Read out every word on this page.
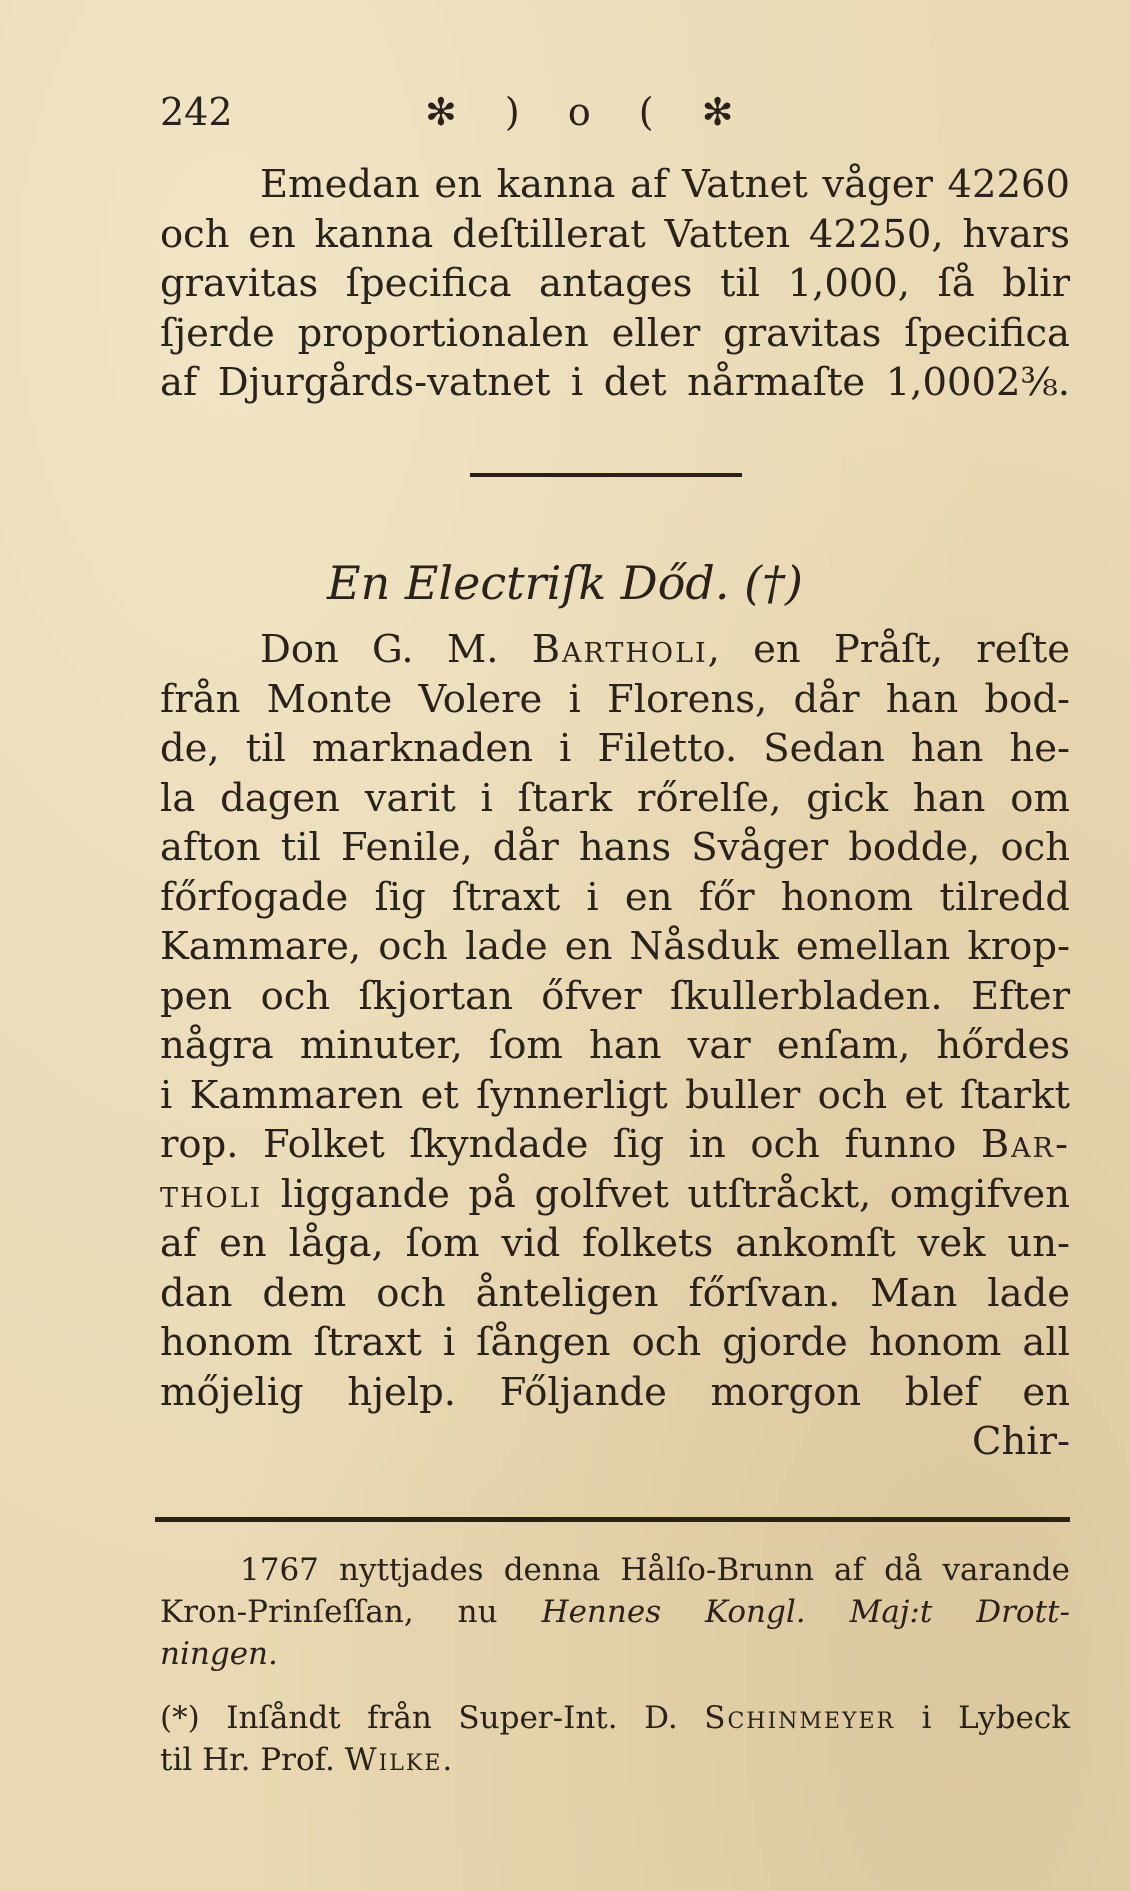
242	✻ ) o ( ✻
Emedan en kanna af Vatnet våger 42260
och en kanna deſtillerat Vatten 42250, hvars
gravitas ſpecifica antages til 1,000, ſå blir
ſjerde proportionalen eller gravitas ſpecifica
af Djurgårds-vatnet i det nårmaſte 1,0002⅜.
En Electriſk Dőd. (†)
Don G. M. Bartholi, en Pråſt, reſte
från Monte Volere i Florens, dår han bod-
de, til marknaden i Filetto. Sedan han he-
la dagen varit i ſtark rőrelſe, gick han om
afton til Fenile, dår hans Svåger bodde, och
főrfogade ſig ſtraxt i en főr honom tilredd
Kammare, och lade en Nåsduk emellan krop-
pen och ſkjortan őfver ſkullerbladen. Efter
några minuter, ſom han var enſam, hőrdes
i Kammaren et ſynnerligt buller och et ſtarkt
rop. Folket ſkyndade ſig in och funno Bar-
tholi liggande på golfvet utſtråckt, omgifven
af en låga, ſom vid folkets ankomſt vek un-
dan dem och ånteligen főrſvan. Man lade
honom ſtraxt i ſången och gjorde honom all
mőjelig hjelp. Főljande morgon blef en
Chir-
1767 nyttjades denna Hålſo-Brunn af då varande
Kron-Prinſeſſan, nu Hennes Kongl. Maj:t Drott-
ningen.
(*) Inſåndt från Super-Int. D. Schinmeyer i Lybeck
til Hr. Prof. Wilke.
